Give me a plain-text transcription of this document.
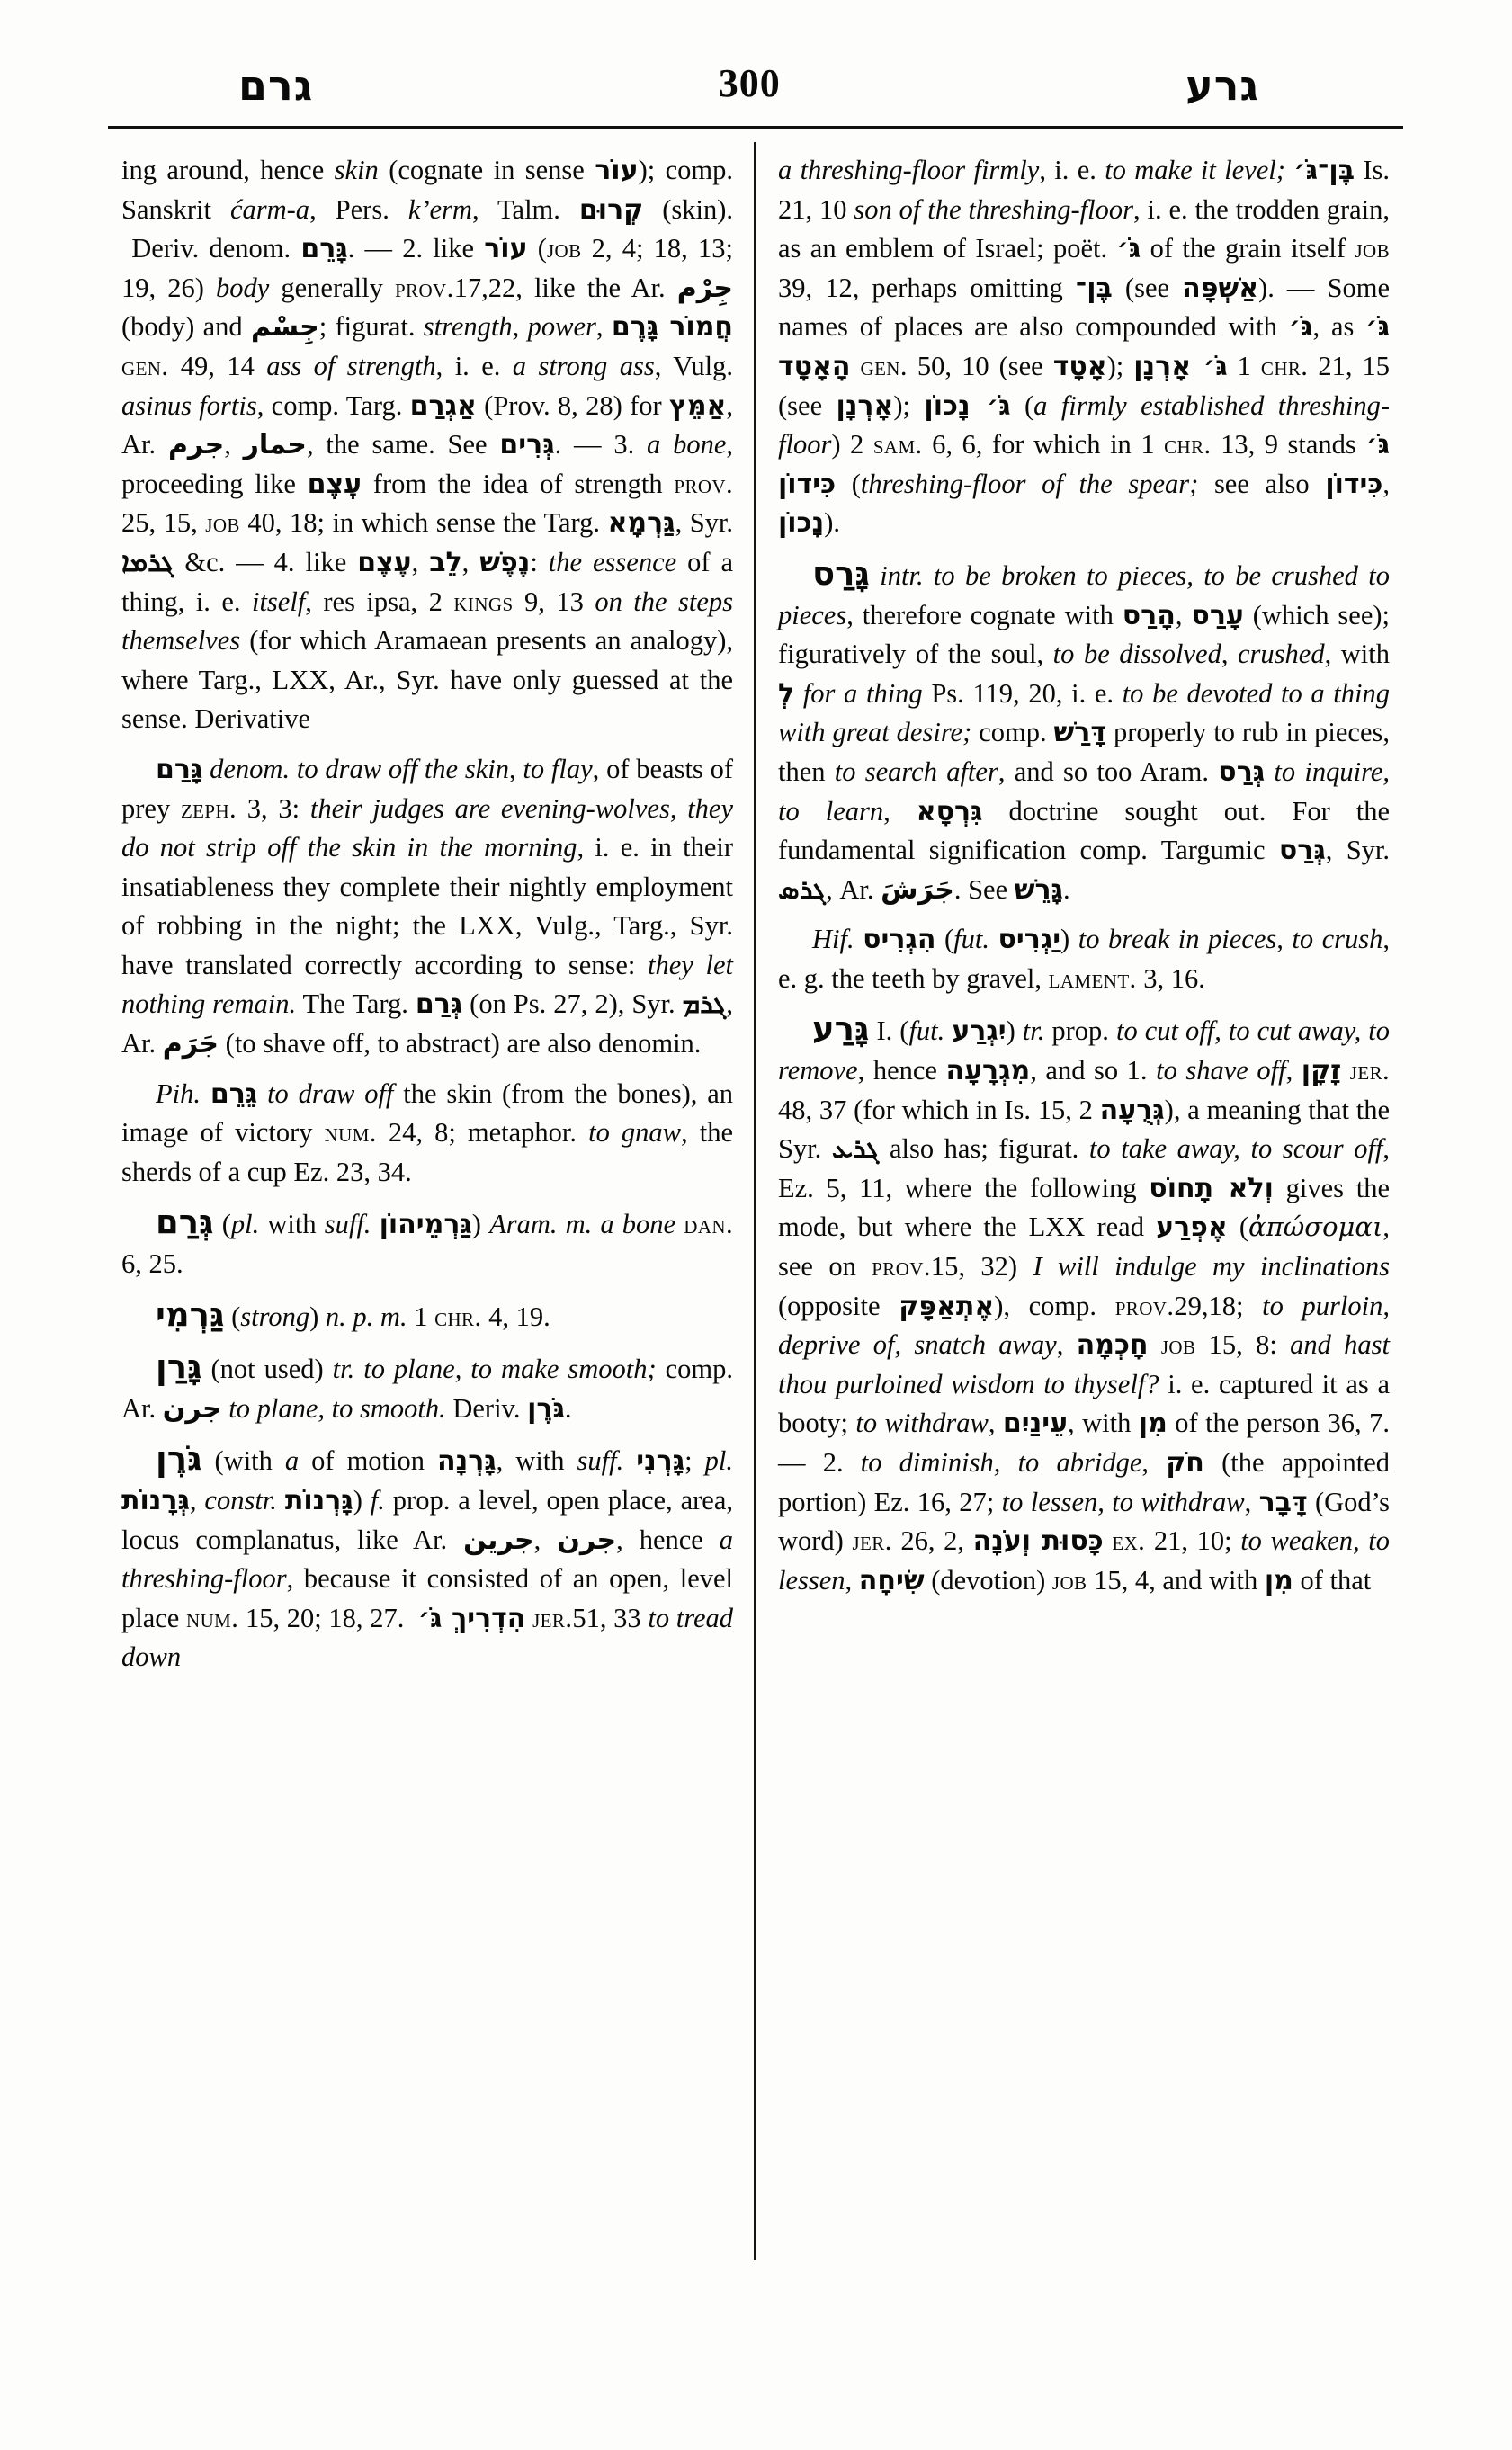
גרם	300	גרע

ing around, hence skin (cognate in sense עוֹר); comp. Sanskrit ćarm-a, Pers. k’erm, Talm. קְרוּם (skin).  Deriv. denom. גָּרֵם. — 2. like עוֹר (job 2, 4; 18, 13; 19, 26) body generally prov.17,22, like the Ar. جِرْم (body) and جِسْم; figurat. strength, power, חֲמוֹר גָּרֶם gen. 49, 14 ass of strength, i. e. a strong ass, Vulg. asinus fortis, comp. Targ. אַגְרַם (Prov. 8, 28) for אַמֵּץ, Ar. جرم, حمار, the same. See גְּרִים. — 3. a bone, proceeding like עֶצֶם from the idea of strength prov. 25, 15, job 40, 18; in which sense the Targ. גַּרְמָא, Syr. ܓܪܡܐ &c. — 4. like עֶצֶם, לֵב, נֶפֶשׁ: the essence of a thing, i. e. itself, res ipsa, 2 kings 9, 13 on the steps themselves (for which Aramaean presents an analogy), where Targ., LXX, Ar., Syr. have only guessed at the sense. Derivative

גָּרַם denom. to draw off the skin, to flay, of beasts of prey zeph. 3, 3: their judges are evening-wolves, they do not strip off the skin in the morning, i. e. in their insatiableness they complete their nightly employment of robbing in the night; the LXX, Vulg., Targ., Syr. have translated correctly according to sense: they let nothing remain. The Targ. גְּרַם (on Ps. 27, 2), Syr. ܓܪܡ, Ar. جَرَم (to shave off, to abstract) are also denomin.

Pih. גֵּרֵם to draw off the skin (from the bones), an image of victory num. 24, 8; metaphor. to gnaw, the sherds of a cup Ez. 23, 34.

גְּרַם (pl. with suff. גַּרְמֵיהוֹן) Aram. m. a bone dan. 6, 25.

גַּרְמִי (strong) n. p. m. 1 chr. 4, 19.

גָּרַן (not used) tr. to plane, to make smooth; comp. Ar. جرن to plane, to smooth. Deriv. גֹּרֶן.

גֹּרֶן (with a of motion גָּרְנָה, with suff. גָּרְנִי; pl. גְּרָנוֹת, constr. גָּרְנוֹת) f. prop. a level, open place, area, locus complanatus, like Ar. جرين, جرن, hence a threshing-floor, because it consisted of an open, level place num. 15, 20; 18, 27.  הִדְרִיךְ גֹּ׳ jer.51, 33 to tread down

a threshing-floor firmly, i. e. to make it level; בֶּן־גֹּ׳ Is. 21, 10 son of the threshing-floor, i. e. the trodden grain, as an emblem of Israel; poët. גֹּ׳ of the grain itself job 39, 12, perhaps omitting בֶּן־ (see אַשְׁפָּה). — Some names of places are also compounded with גֹּ׳, as גֹּ׳ הָאָטָד gen. 50, 10 (see אָטָד); גֹּ׳ אָרְנָן 1 chr. 21, 15 (see אָרְנָן); גֹּ׳ נָכוֹן (a firmly established threshing-floor) 2 sam. 6, 6, for which in 1 chr. 13, 9 stands גֹּ׳ כִּידוֹן (threshing-floor of the spear; see also כִּידוֹן, נָכוֹן).

גָּרַס intr. to be broken to pieces, to be crushed to pieces, therefore cognate with הָרַס, עָרַס (which see); figuratively of the soul, to be dissolved, crushed, with לְ for a thing Ps. 119, 20, i. e. to be devoted to a thing with great desire; comp. דָּרַשׁ properly to rub in pieces, then to search after, and so too Aram. גְּרַס to inquire, to learn, גִּרְסָא doctrine sought out. For the fundamental signification comp. Targumic גְּרַס, Syr. ܓܪܣ, Ar. جَرَشَ. See גָּרֵשׁ.

Hif. הִגְרִיס (fut. יַגְרִיס) to break in pieces, to crush, e. g. the teeth by gravel, lament. 3, 16.

גָּרַע I. (fut. יִגְרַע) tr. prop. to cut off, to cut away, to remove, hence מִגְרָעָה, and so 1. to shave off, זָקָן jer. 48, 37 (for which in Is. 15, 2 גְּרֻעָה), a meaning that the Syr. ܓܪܥ also has; figurat. to take away, to scour off, Ez. 5, 11, where the following וְלֹא תָחוֹס gives the mode, but where the LXX read אֶפְרַע (ἀπώσομαι, see on prov.15, 32) I will indulge my inclinations (opposite אֶתְאַפָּק), comp. prov.29,18; to purloin, deprive of, snatch away, חָכְמָה job 15, 8: and hast thou purloined wisdom to thyself? i. e. captured it as a booty; to withdraw, עֵינַיִם, with מִן of the person 36, 7. — 2. to diminish, to abridge, חֹק (the appointed portion) Ez. 16, 27; to lessen, to withdraw, דָּבָר (God’s word) jer. 26, 2, כָּסוּת וְעֹנָה ex. 21, 10; to weaken, to lessen, שִׂיחָה (devotion) job 15, 4, and with מִן of that
